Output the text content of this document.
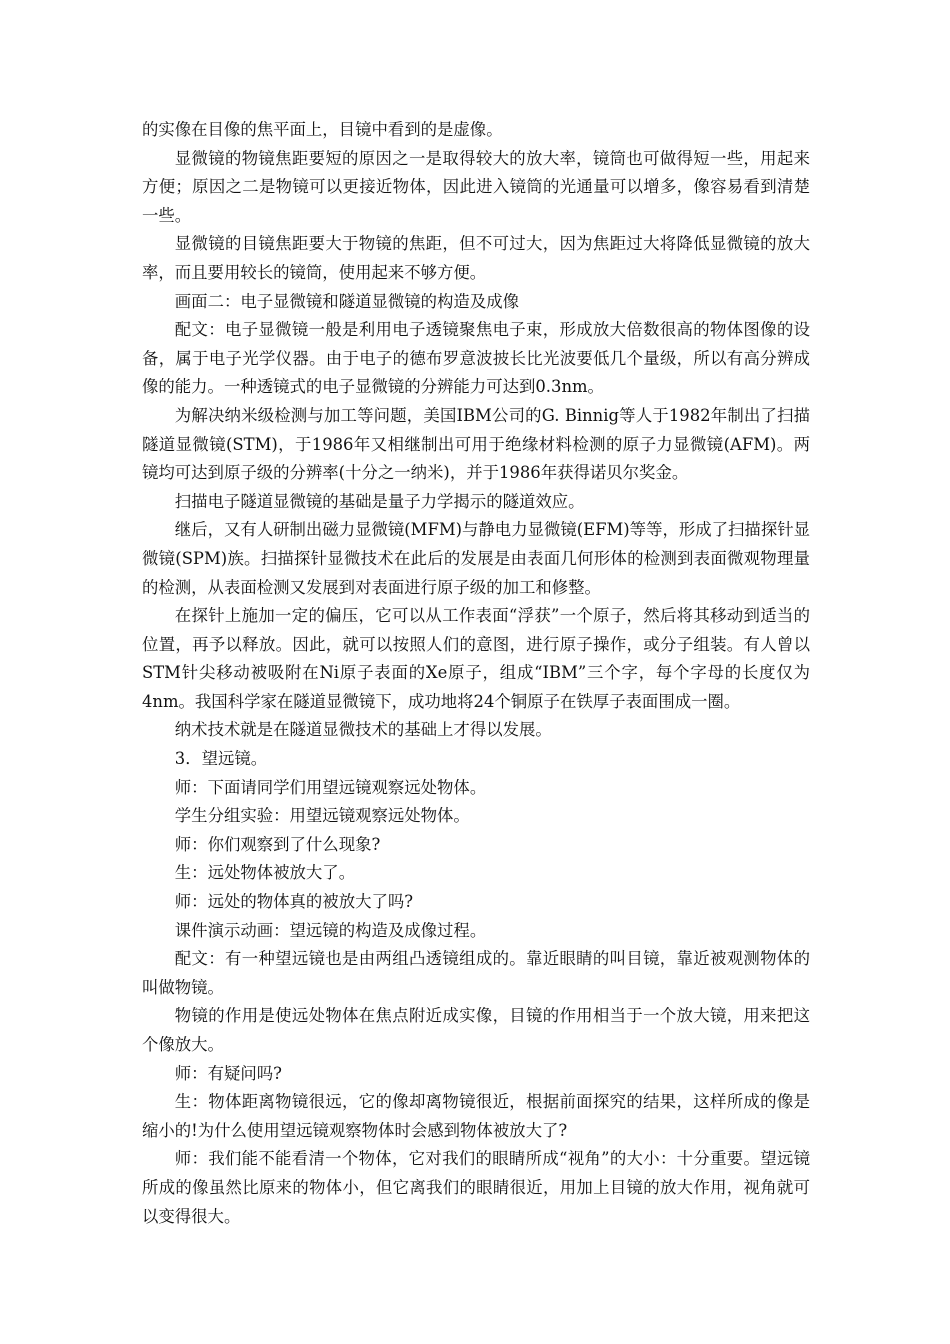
的实像在目像的焦平面上，目镜中看到的是虚像。

显微镜的物镜焦距要短的原因之一是取得较大的放大率，镜筒也可做得短一些，用起来方便；原因之二是物镜可以更接近物体，因此进入镜筒的光通量可以增多，像容易看到清楚一些。

显微镜的目镜焦距要大于物镜的焦距，但不可过大，因为焦距过大将降低显微镜的放大率，而且要用较长的镜筒，使用起来不够方便。

画面二：电子显微镜和隧道显微镜的构造及成像

配文：电子显微镜一般是利用电子透镜聚焦电子束，形成放大倍数很高的物体图像的设备，属于电子光学仪器。由于电子的德布罗意波披长比光波要低几个量级，所以有高分辨成像的能力。一种透镜式的电子显微镜的分辨能力可达到0.3nm。

为解决纳米级检测与加工等问题，美国IBM公司的G. Binnig等人于1982年制出了扫描隧道显微镜(STM)，于1986年又相继制出可用于绝缘材料检测的原子力显微镜(AFM)。两镜均可达到原子级的分辨率(十分之一纳米)，并于1986年获得诺贝尔奖金。

扫描电子隧道显微镜的基础是量子力学揭示的隧道效应。

继后，又有人研制出磁力显微镜(MFM)与静电力显微镜(EFM)等等，形成了扫描探针显微镜(SPM)族。扫描探针显微技术在此后的发展是由表面几何形体的检测到表面微观物理量的检测，从表面检测又发展到对表面进行原子级的加工和修整。

在探针上施加一定的偏压，它可以从工作表面“浮获”一个原子，然后将其移动到适当的位置，再予以释放。因此，就可以按照人们的意图，进行原子操作，或分子组装。有人曾以STM针尖移动被吸附在Ni原子表面的Xe原子，组成“IBM”三个字，每个字母的长度仅为4nm。我国科学家在隧道显微镜下，成功地将24个铜原子在铁厚子表面围成一圈。

纳术技术就是在隧道显微技术的基础上才得以发展。

3．望远镜。

师：下面请同学们用望远镜观察远处物体。

学生分组实验：用望远镜观察远处物体。

师：你们观察到了什么现象?

生：远处物体被放大了。

师：远处的物体真的被放大了吗?

课件演示动画：望远镜的构造及成像过程。

配文：有一种望远镜也是由两组凸透镜组成的。靠近眼睛的叫目镜，靠近被观测物体的叫做物镜。

物镜的作用是使远处物体在焦点附近成实像，目镜的作用相当于一个放大镜，用来把这个像放大。

师：有疑问吗?

生：物体距离物镜很远，它的像却离物镜很近，根据前面探究的结果，这样所成的像是缩小的!为什么使用望远镜观察物体时会感到物体被放大了?

师：我们能不能看清一个物体，它对我们的眼睛所成“视角”的大小：十分重要。望远镜所成的像虽然比原来的物体小，但它离我们的眼睛很近，用加上目镜的放大作用，视角就可以变得很大。
